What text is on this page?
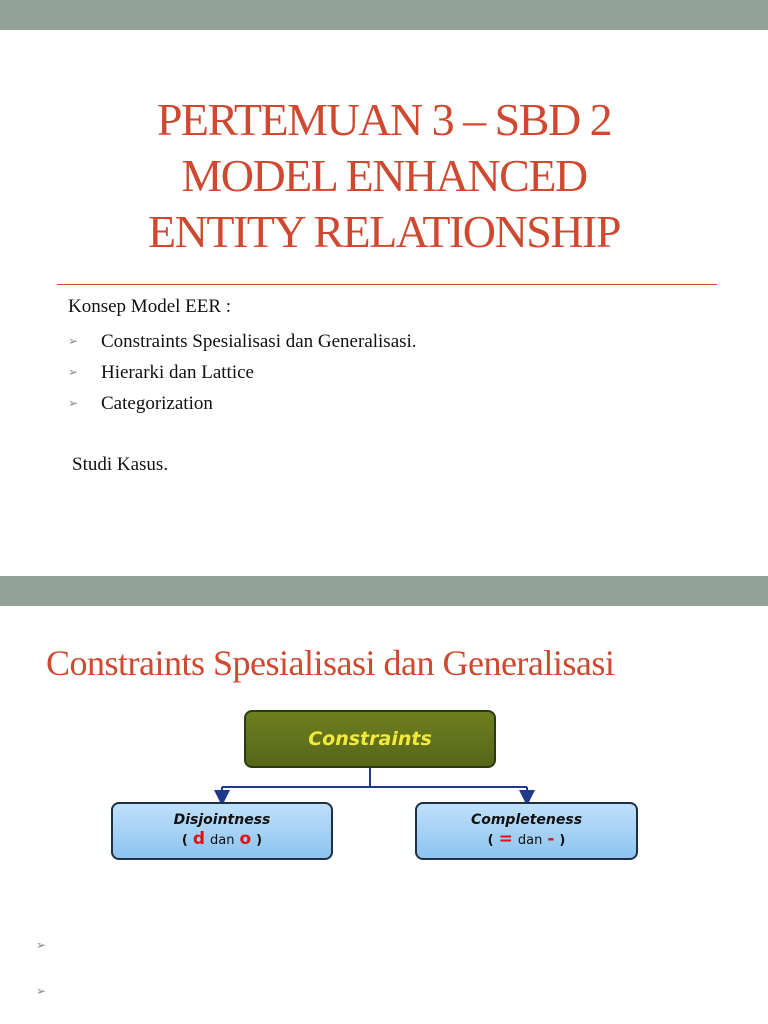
PERTEMUAN 3 – SBD 2
MODEL ENHANCED
ENTITY RELATIONSHIP
Konsep Model EER :
➢	Constraints Spesialisasi dan Generalisasi.
➢	Hierarki dan Lattice
➢	Categorization
Studi Kasus.
Constraints Spesialisasi dan Generalisasi
Constraints
Disjointness
( d dan o )
Completeness
( = dan - )
➢
➢
